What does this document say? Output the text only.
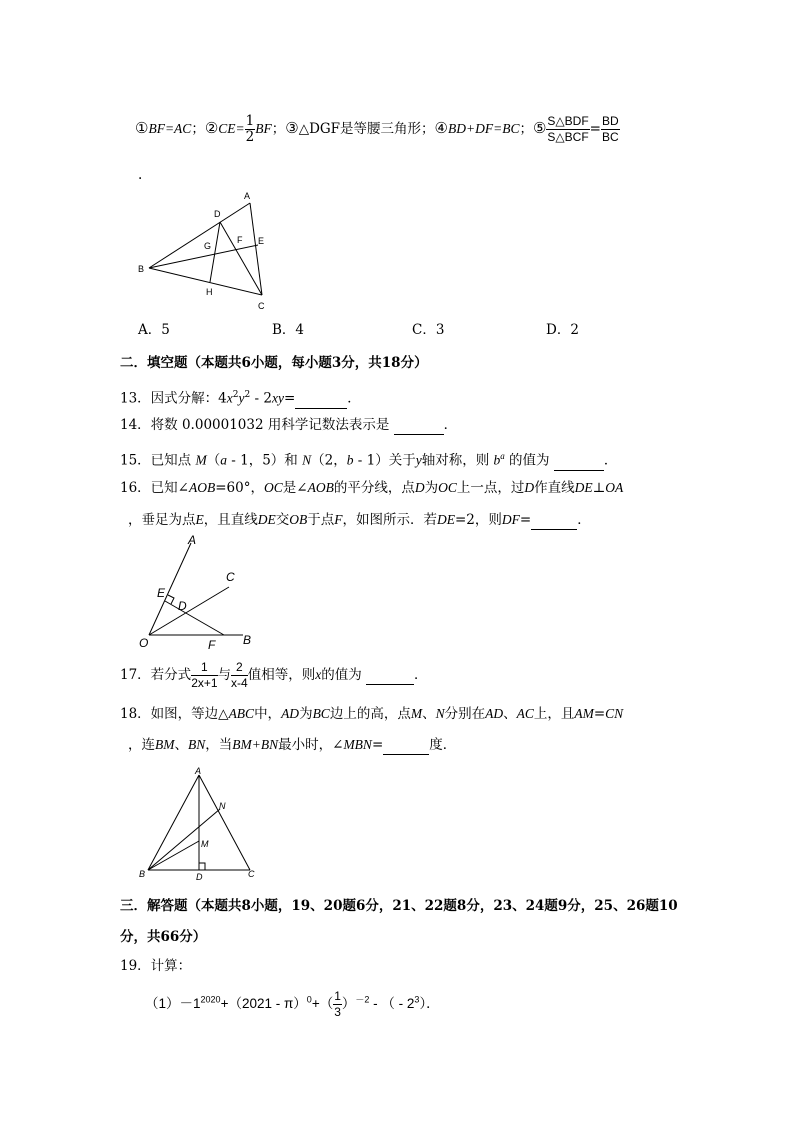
①BF=AC；②CE= $\frac{1}{2}$ BF；③△DGF是等腰三角形；④BD+DF=BC；⑤ $\frac{\text{S△BDF}}{\text{S△BCF}} = \frac{BD}{BC}$
.
A
B
C
D
E
F
G
H
A．5	B．4	C．3	D．2
二．填空题（本题共6小题，每小题3分，共18分）
13．因式分解：$4x^2y^2 - 2xy=$	．
14．将数 0.00001032 用科学记数法表示是	．
15．已知点 M（a - 1，5）和 N（2，b - 1）关于y轴对称，则 $b^a$ 的值为	．
16．已知∠AOB=60°，OC是∠AOB的平分线，点D为OC上一点，过D作直线DE⊥OA
，垂足为点E，且直线DE交OB于点F，如图所示．若DE=2，则DF=	．
A
C
E
D
O	F B
17．若分式 $\frac{1}{2x+1}$ 与 $\frac{2}{x-4}$ 值相等，则x的值为	．
18．如图，等边△ABC中，AD为BC边上的高，点M、N分别在AD、AC上，且AM=CN
，连BM、BN，当BM+BN最小时，∠MBN=	度．
A
B	C
D
M
N
三．解答题（本题共8小题，19、20题6分，21、22题8分，23、24题9分，25、26题10
分，共66分）
19．计算：
$(1)-1^{2020}+(2021 - \pi)^0+( \frac{1}{3} )^{-2}$ - （ - $2^3$）．
